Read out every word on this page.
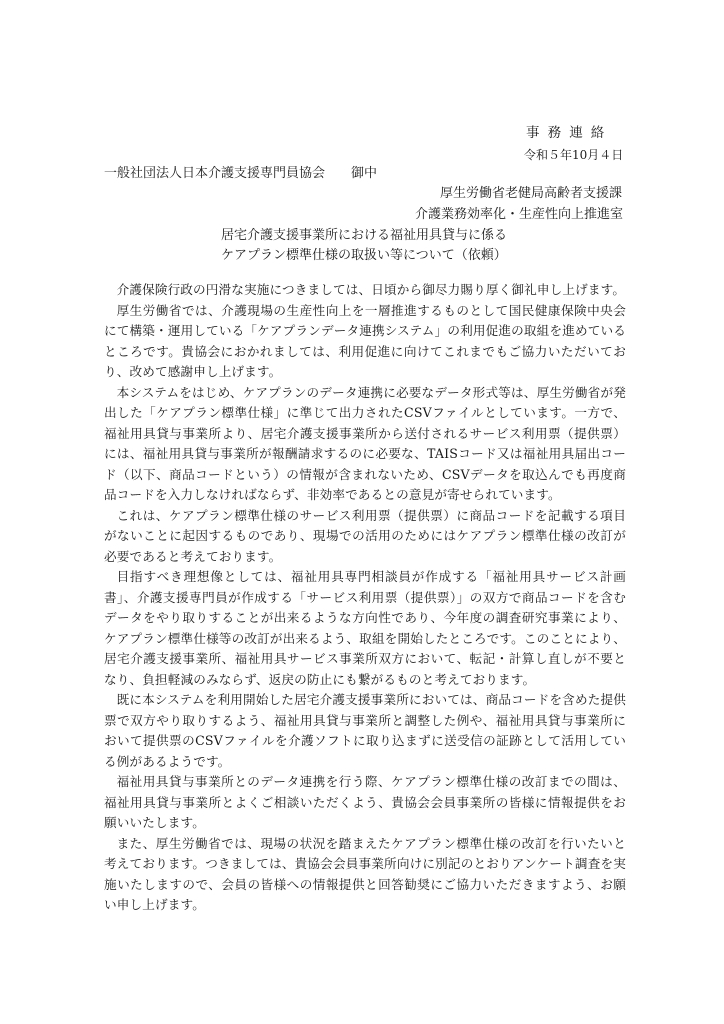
事務連絡
令和５年10月４日
一般社団法人日本介護支援専門員協会　　御中
厚生労働省老健局高齢者支援課
介護業務効率化・生産性向上推進室
居宅介護支援事業所における福祉用具貸与に係る
ケアプラン標準仕様の取扱い等について（依頼）

介護保険行政の円滑な実施につきましては、日頃から御尽力賜り厚く御礼申し上げます。

厚生労働省では、介護現場の生産性向上を一層推進するものとして国民健康保険中央会にて構築・運用している「ケアプランデータ連携システム」の利用促進の取組を進めているところです。貴協会におかれましては、利用促進に向けてこれまでもご協力いただいており、改めて感謝申し上げます。

本システムをはじめ、ケアプランのデータ連携に必要なデータ形式等は、厚生労働省が発出した「ケアプラン標準仕様」に準じて出力されたCSVファイルとしています。一方で、福祉用具貸与事業所より、居宅介護支援事業所から送付されるサービス利用票（提供票）には、福祉用具貸与事業所が報酬請求するのに必要な、TAISコード又は福祉用具届出コード（以下、商品コードという）の情報が含まれないため、CSVデータを取込んでも再度商品コードを入力しなければならず、非効率であるとの意見が寄せられています。

これは、ケアプラン標準仕様のサービス利用票（提供票）に商品コードを記載する項目がないことに起因するものであり、現場での活用のためにはケアプラン標準仕様の改訂が必要であると考えております。

目指すべき理想像としては、福祉用具専門相談員が作成する「福祉用具サービス計画書」、介護支援専門員が作成する「サービス利用票（提供票）」の双方で商品コードを含むデータをやり取りすることが出来るような方向性であり、今年度の調査研究事業により、ケアプラン標準仕様等の改訂が出来るよう、取組を開始したところです。このことにより、居宅介護支援事業所、福祉用具サービス事業所双方において、転記・計算し直しが不要となり、負担軽減のみならず、返戻の防止にも繋がるものと考えております。

既に本システムを利用開始した居宅介護支援事業所においては、商品コードを含めた提供票で双方やり取りするよう、福祉用具貸与事業所と調整した例や、福祉用具貸与事業所において提供票のCSVファイルを介護ソフトに取り込まずに送受信の証跡として活用している例があるようです。

福祉用具貸与事業所とのデータ連携を行う際、ケアプラン標準仕様の改訂までの間は、福祉用具貸与事業所とよくご相談いただくよう、貴協会会員事業所の皆様に情報提供をお願いいたします。

また、厚生労働省では、現場の状況を踏まえたケアプラン標準仕様の改訂を行いたいと考えております。つきましては、貴協会会員事業所向けに別記のとおりアンケート調査を実施いたしますので、会員の皆様への情報提供と回答勧奨にご協力いただきますよう、お願い申し上げます。
